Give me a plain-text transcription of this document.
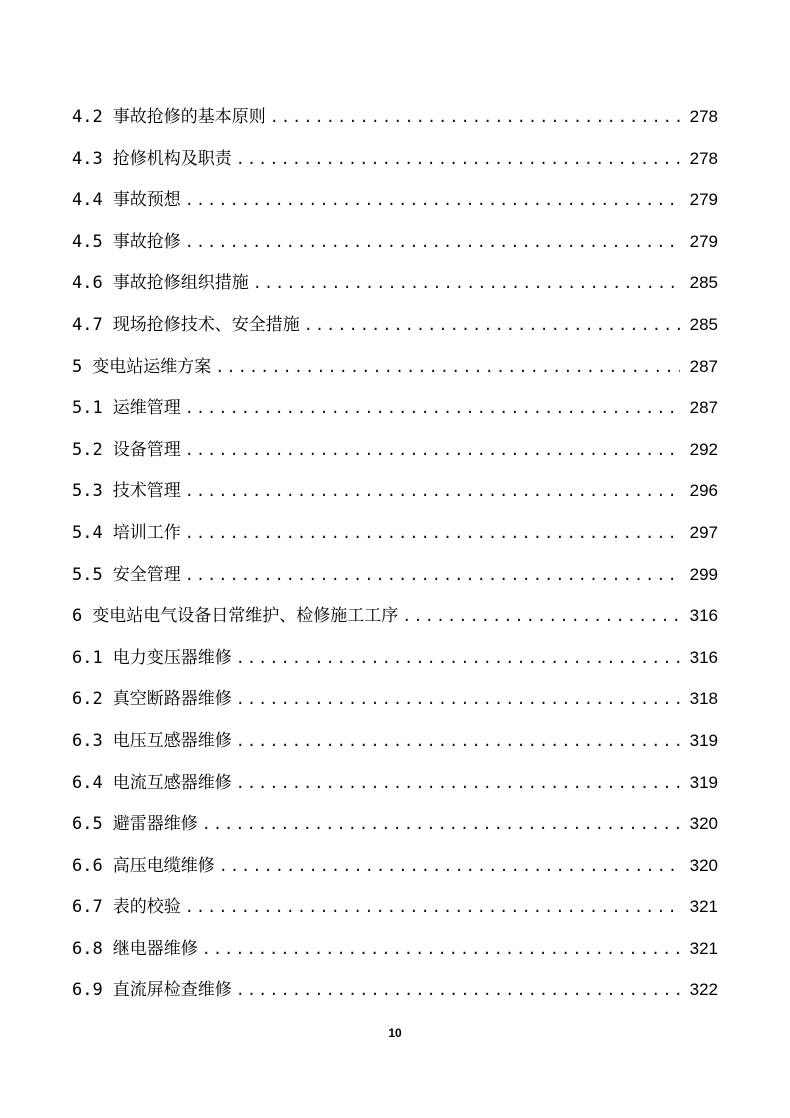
4.2 事故抢修的基本原则 .....	278
4.3 抢修机构及职责 .....	278
4.4 事故预想 .....	279
4.5 事故抢修 .....	279
4.6 事故抢修组织措施 .....	285
4.7 现场抢修技术、安全措施 .....	285
5 变电站运维方案 .....	287
5.1 运维管理 .....	287
5.2 设备管理 .....	292
5.3 技术管理 .....	296
5.4 培训工作 .....	297
5.5 安全管理 .....	299
6 变电站电气设备日常维护、检修施工工序 .....	316
6.1 电力变压器维修 .....	316
6.2 真空断路器维修 .....	318
6.3 电压互感器维修 .....	319
6.4 电流互感器维修 .....	319
6.5 避雷器维修 .....	320
6.6 高压电缆维修 .....	320
6.7 表的校验 .....	321
6.8 继电器维修 .....	321
6.9 直流屏检查维修 .....	322
10
